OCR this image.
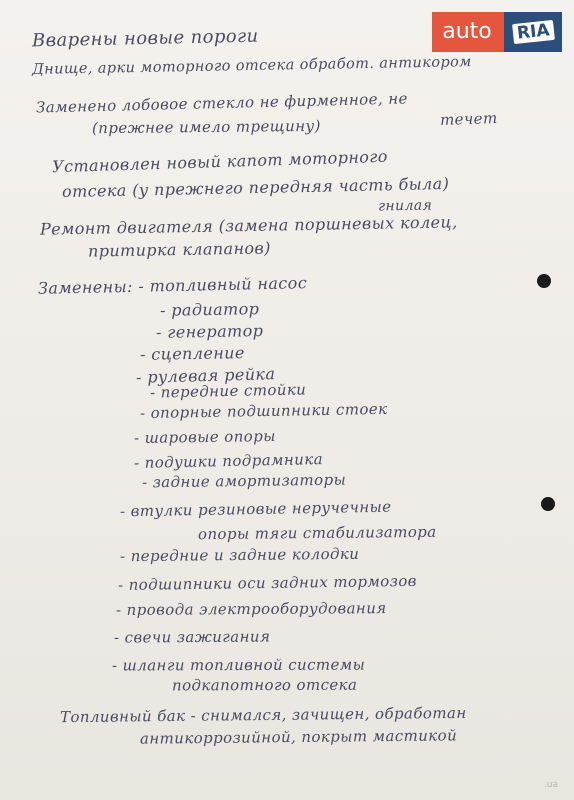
auto	RIA
Вварены новые пороги
Днище, арки моторного отсека обработ. антикором
Заменено лобовое стекло не фирменное, не
течет
(прежнее имело трещину)
Установлен новый капот моторного
отсека (у прежнего передняя часть была)
гнилая
Ремонт двигателя (замена поршневых колец,
притирка клапанов)
Заменены: - топливный насос
- радиатор
- генератор
- сцепление
- рулевая рейка
- передние стойки
- опорные подшипники стоек
- шаровые опоры
- подушки подрамника
- задние амортизаторы
- втулки резиновые неручечные
опоры тяги стабилизатора
- передние и задние колодки
- подшипники оси задних тормозов
- провода электрооборудования
- свечи зажигания
- шланги топливной системы
подкапотного отсека
Топливный бак - снимался, зачищен, обработан
антикоррозийной, покрыт мастикой
.ua
